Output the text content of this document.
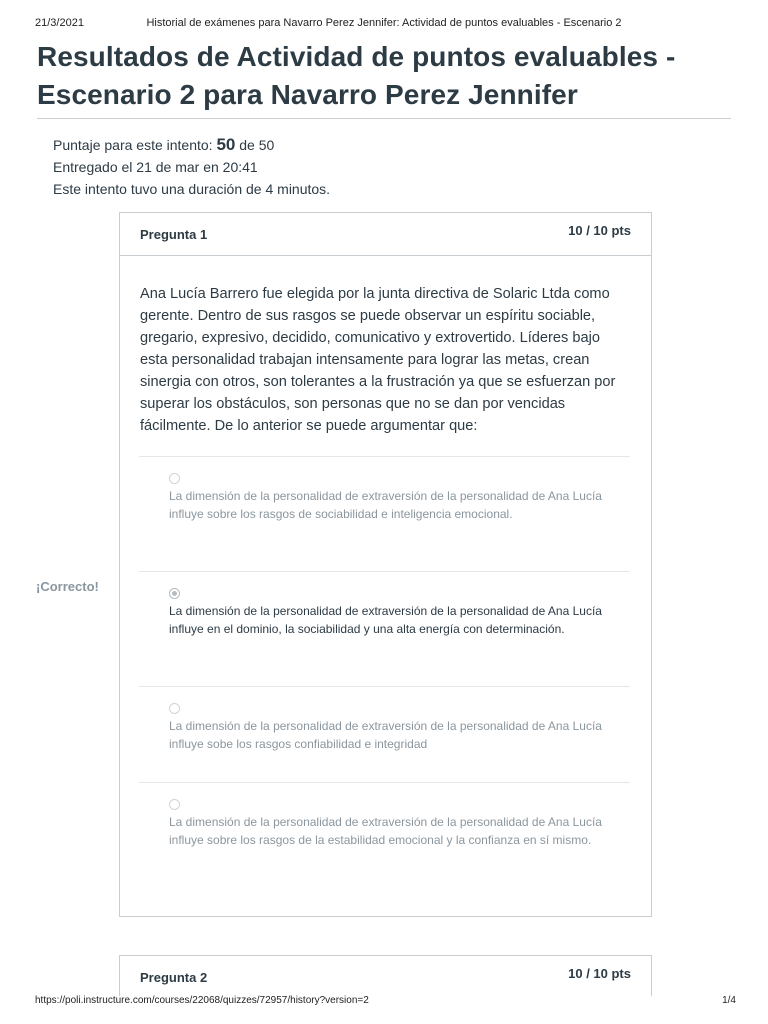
21/3/2021	Historial de exámenes para Navarro Perez Jennifer: Actividad de puntos evaluables - Escenario 2
Resultados de Actividad de puntos evaluables - Escenario 2 para Navarro Perez Jennifer
Puntaje para este intento: 50 de 50
Entregado el 21 de mar en 20:41
Este intento tuvo una duración de 4 minutos.
¡Correcto!
Pregunta 1	10 / 10 pts
Ana Lucía Barrero fue elegida por la junta directiva de Solaric Ltda como gerente. Dentro de sus rasgos se puede observar un espíritu sociable, gregario, expresivo, decidido, comunicativo y extrovertido. Líderes bajo esta personalidad trabajan intensamente para lograr las metas, crean sinergia con otros, son tolerantes a la frustración ya que se esfuerzan por superar los obstáculos, son personas que no se dan por vencidas fácilmente. De lo anterior se puede argumentar que:
La dimensión de la personalidad de extraversión de la personalidad de Ana Lucía influye sobre los rasgos de sociabilidad e inteligencia emocional.
La dimensión de la personalidad de extraversión de la personalidad de Ana Lucía influye en el dominio, la sociabilidad y una alta energía con determinación.
La dimensión de la personalidad de extraversión de la personalidad de Ana Lucía influye sobe los rasgos confiabilidad e integridad
La dimensión de la personalidad de extraversión de la personalidad de Ana Lucía influye sobre los rasgos de la estabilidad emocional y la confianza en sí mismo.
Pregunta 2	10 / 10 pts
https://poli.instructure.com/courses/22068/quizzes/72957/history?version=2	1/4
